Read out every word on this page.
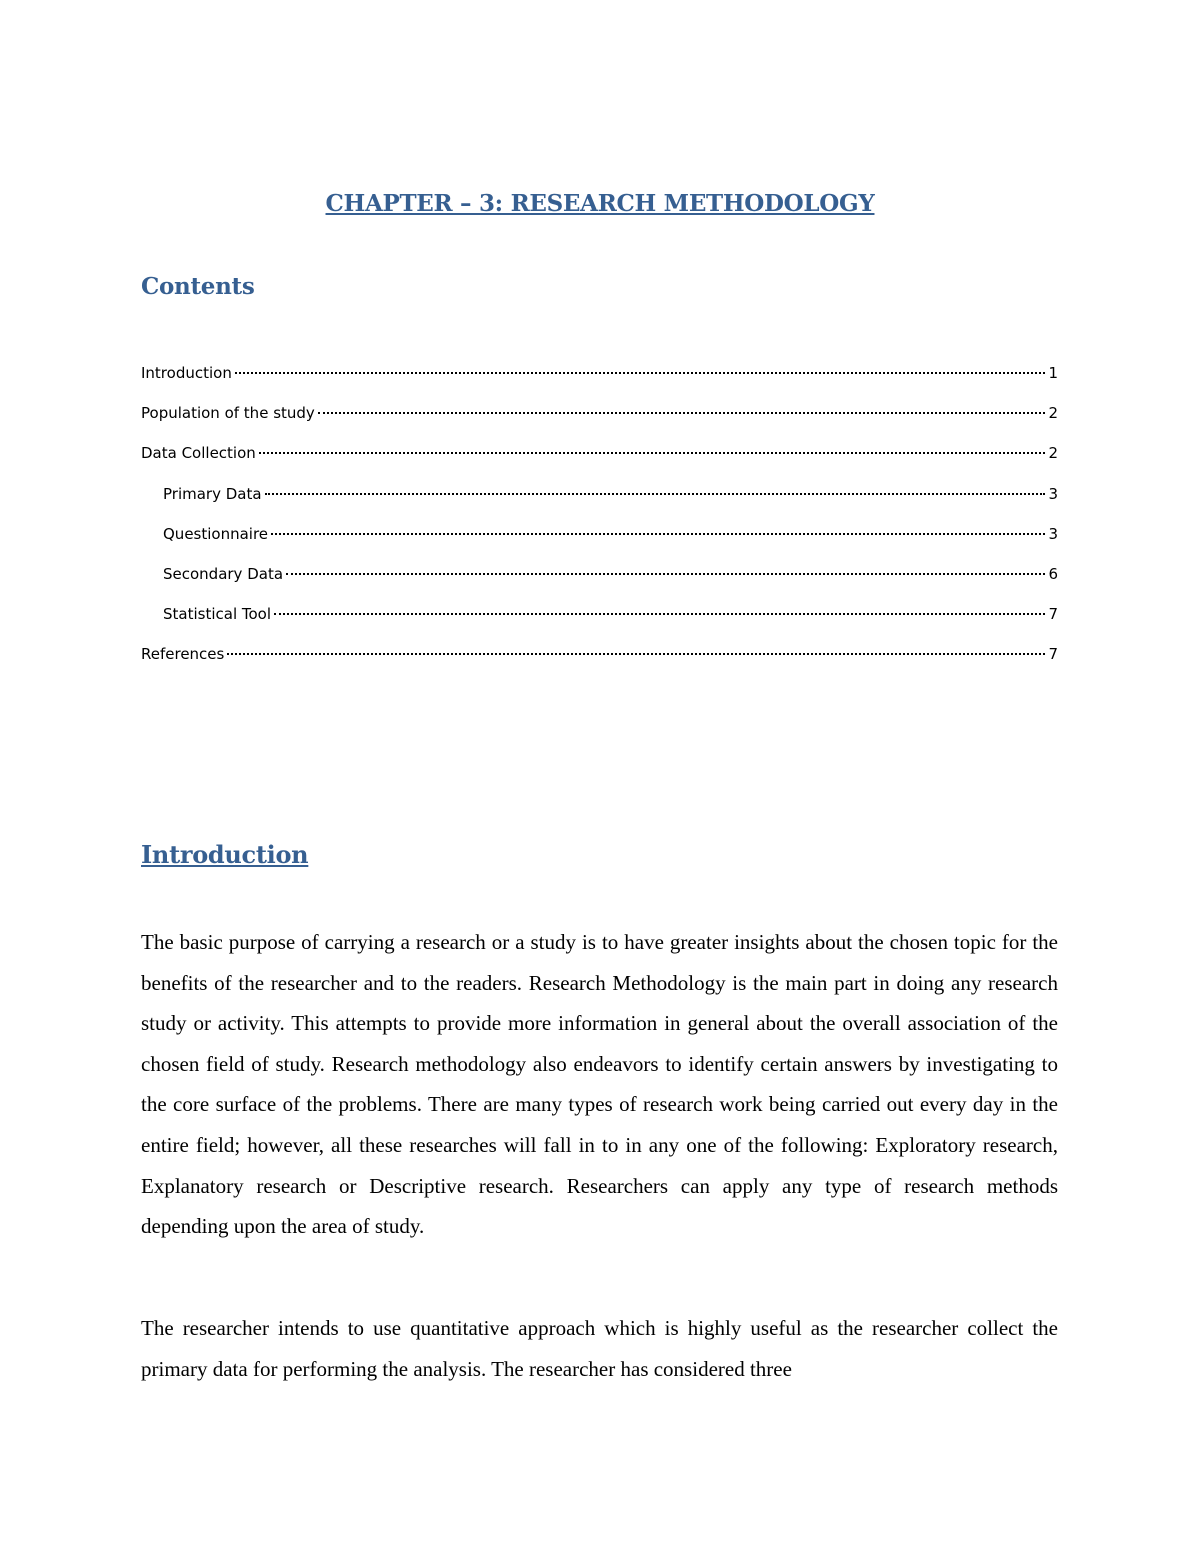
CHAPTER – 3: RESEARCH METHODOLOGY
Contents
Introduction	1
Population of the study	2
Data Collection	2
Primary Data	3
Questionnaire	3
Secondary Data	6
Statistical Tool	7
References	7
Introduction

The basic purpose of carrying a research or a study is to have greater insights about the chosen topic for the benefits of the researcher and to the readers. Research Methodology is the main part in doing any research study or activity. This attempts to provide more information in general about the overall association of the chosen field of study. Research methodology also endeavors to identify certain answers by investigating to the core surface of the problems. There are many types of research work being carried out every day in the entire field; however, all these researches will fall in to in any one of the following: Exploratory research, Explanatory research or Descriptive research. Researchers can apply any type of research methods depending upon the area of study.

The researcher intends to use quantitative approach which is highly useful as the researcher collect the primary data for performing the analysis. The researcher has considered three
